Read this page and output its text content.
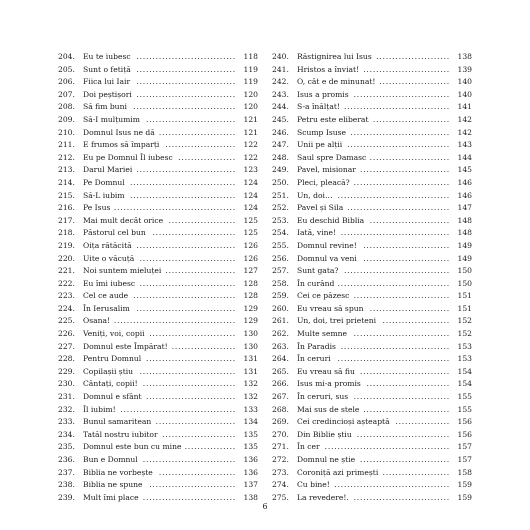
204.	Eu te iubesc ............................... 118
205.	Sunt o fetiță ............................... 119
206.	Fiica lui Iair ............................... 119
207.	Doi peștișori ............................... 120
208.	Să fim buni ................................ 120
209.	Să-I mulțumim ............................ 121
210.	Domnul Isus ne dă ........................ 121
211.	E frumos să împarți ...................... 122
212.	Eu pe Domnul Îl iubesc .................. 122
213.	Darul Mariei ............................... 123
214.	Pe Domnul ................................. 124
215.	Să-L iubim ................................. 124
216.	Pe Isus ...................................... 124
217.	Mai mult decât orice ..................... 125
218.	Păstorul cel bun .......................... 125
219.	Oița rătăcită ............................... 126
220.	Uite o văcuță .............................. 126
221.	Noi suntem mieluței ...................... 127
222.	Eu îmi iubesc .............................. 128
223.	Cel ce aude ................................ 128
224.	În Ierusalim ............................... 129
225.	Osana! ...................................... 129
226.	Veniți, voi, copii ........................... 130
227.	Domnul este Împărat! .................... 130
228.	Pentru Domnul ............................ 131
229.	Copilașii știu .............................. 131
230.	Cântați, copii! ............................. 132
231.	Domnul e sfânt ............................ 132
232.	Îl iubim! .................................... 133
233.	Bunul samaritean ......................... 134
234.	Tatăl nostru iubitor ....................... 135
235.	Domnul este bun cu mine ................ 135
236.	Bun e Domnul ............................. 136
237.	Biblia ne vorbește ........................ 136
238.	Biblia ne spune ........................... 137
239.	Mult îmi place ............................. 138
240.	Răstignirea lui Isus ....................... 138
241.	Hristos a înviat! ........................... 139
242.	O, cât e de minunat! ...................... 140
243.	Isus a promis .............................. 140
244.	S-a înălțat! ................................. 141
245.	Petru este eliberat ........................ 142
246.	Scump Isuse ............................... 142
247.	Unii pe alții ................................ 143
248.	Saul spre Damasc ......................... 144
249.	Pavel, misionar ............................ 145
250.	Pleci, pleacă? .............................. 146
251.	Un, doi… ................................... 146
252.	Pavel și Sila ................................ 147
253.	Eu deschid Biblia ......................... 148
254.	Iată, vine! .................................. 148
255.	Domnul revine! ........................... 149
256.	Domnul va veni ........................... 149
257.	Sunt gata? ................................. 150
258.	În curând ................................... 150
259.	Cei ce păzesc .............................. 151
260.	Eu vreau să spun ......................... 151
261.	Un, doi, trei prieteni ..................... 152
262.	Multe semne .............................. 152
263.	În Paradis .................................. 153
264.	În ceruri ................................... 153
265.	Eu vreau să fiu ............................ 154
266.	Isus mi-a promis .......................... 154
267.	În ceruri, sus .............................. 155
268.	Mai sus de stele ........................... 155
269.	Cei credincioși așteaptă ................. 156
270.	Din Biblie știu ............................. 156
271.	În cer ....................................... 157
272.	Domnul ne știe ............................ 157
273.	Coroniță azi primești ..................... 158
274.	Cu bine! .................................... 159
275.	La revedere!. .............................. 159
6
